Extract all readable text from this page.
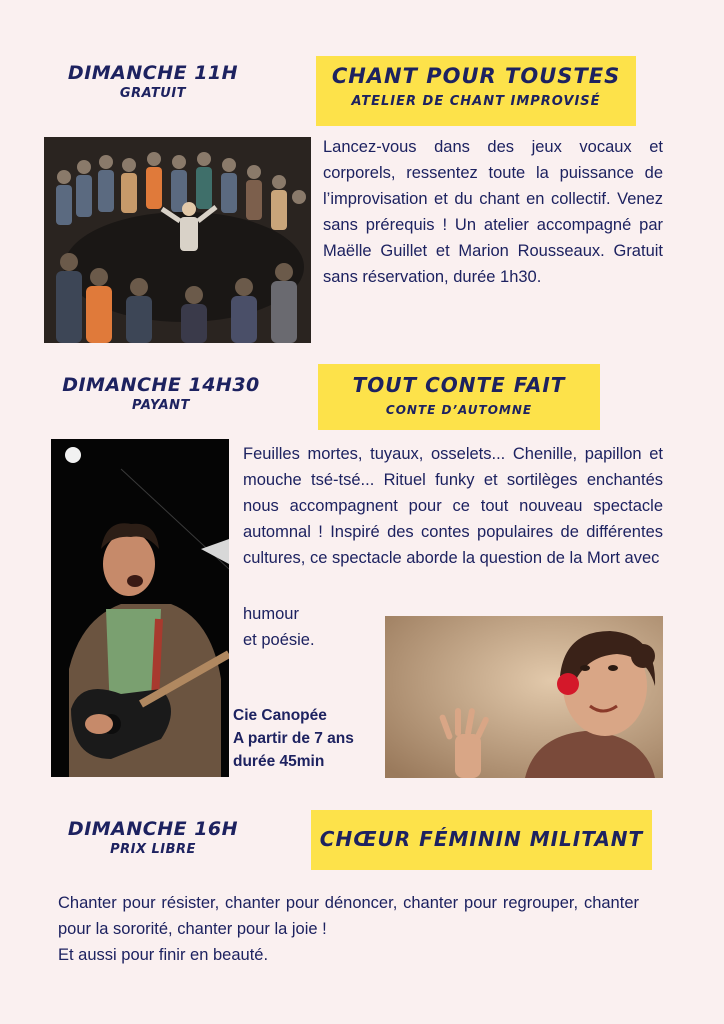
DIMANCHE 11H
GRATUIT
CHANT POUR TOUSTES
ATELIER DE CHANT IMPROVISÉ
Lancez-vous dans des jeux vocaux et corporels, ressentez toute la puissance de l’improvisation et du chant en collectif. Venez sans prérequis ! Un atelier accompagné par Maëlle Guillet et Marion Rousseaux. Gratuit sans réservation, durée 1h30.
DIMANCHE 14H30
PAYANT
TOUT CONTE FAIT
CONTE D’AUTOMNE
Feuilles mortes, tuyaux, osselets... Chenille, papillon et mouche tsé-tsé... Rituel funky et sortilèges enchantés nous accompagnent pour ce tout nouveau spectacle automnal ! Inspiré des contes populaires de différentes cultures, ce spectacle aborde la question de la Mort avec
humour
et poésie.
Cie Canopée
A partir de 7 ans
durée 45min
DIMANCHE 16H
PRIX LIBRE	CHŒUR FÉMININ MILITANT
Chanter pour résister, chanter pour dénoncer, chanter pour regrouper, chanter pour la sororité, chanter pour la joie !
Et aussi pour finir en beauté.
